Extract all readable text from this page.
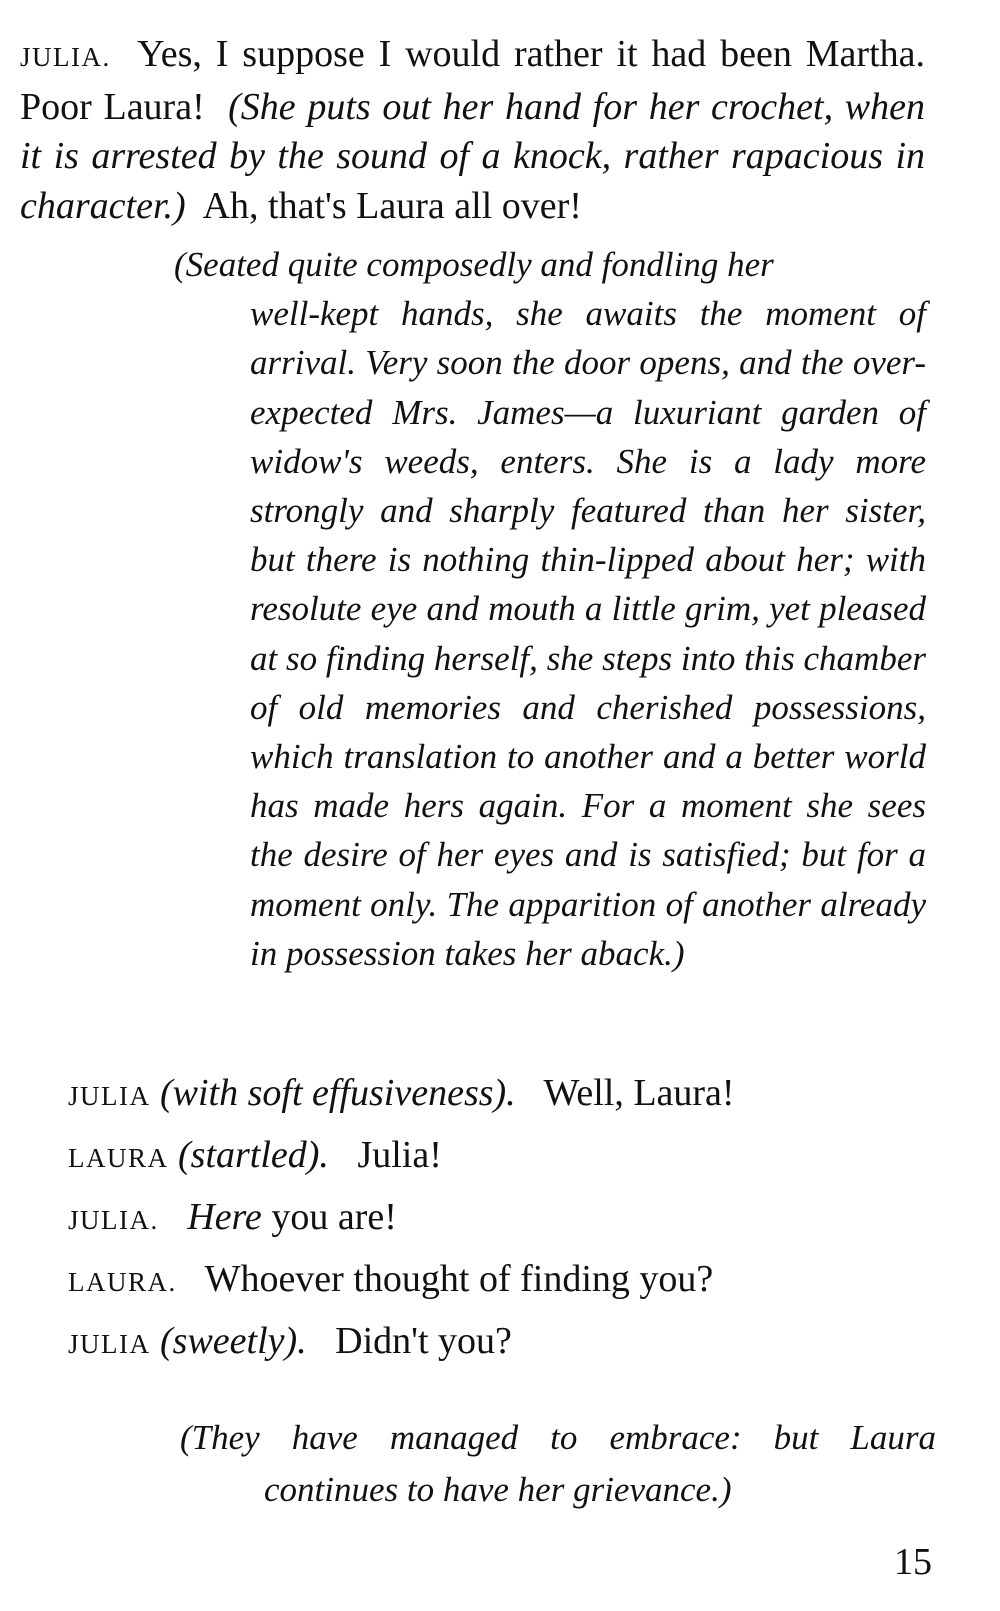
JULIA. Yes, I suppose I would rather it had been Martha. Poor Laura! (She puts out her hand for her crochet, when it is arrested by the sound of a knock, rather rapacious in character.) Ah, that's Laura all over!
(Seated quite composedly and fondling her
well-kept hands, she awaits the moment of arrival. Very soon the door opens, and the over-expected Mrs. James—a luxuriant garden of widow's weeds, enters. She is a lady more strongly and sharply featured than her sister, but there is nothing thin-lipped about her; with resolute eye and mouth a little grim, yet pleased at so finding herself, she steps into this chamber of old memories and cherished possessions, which translation to another and a better world has made hers again. For a moment she sees the desire of her eyes and is satisfied; but for a moment only. The apparition of another already in possession takes her aback.)
JULIA (with soft effusiveness). Well, Laura!
LAURA (startled). Julia!
JULIA. Here you are!
LAURA. Whoever thought of finding you?
JULIA (sweetly). Didn't you?
(They have managed to embrace: but Laura
continues to have her grievance.)
15
